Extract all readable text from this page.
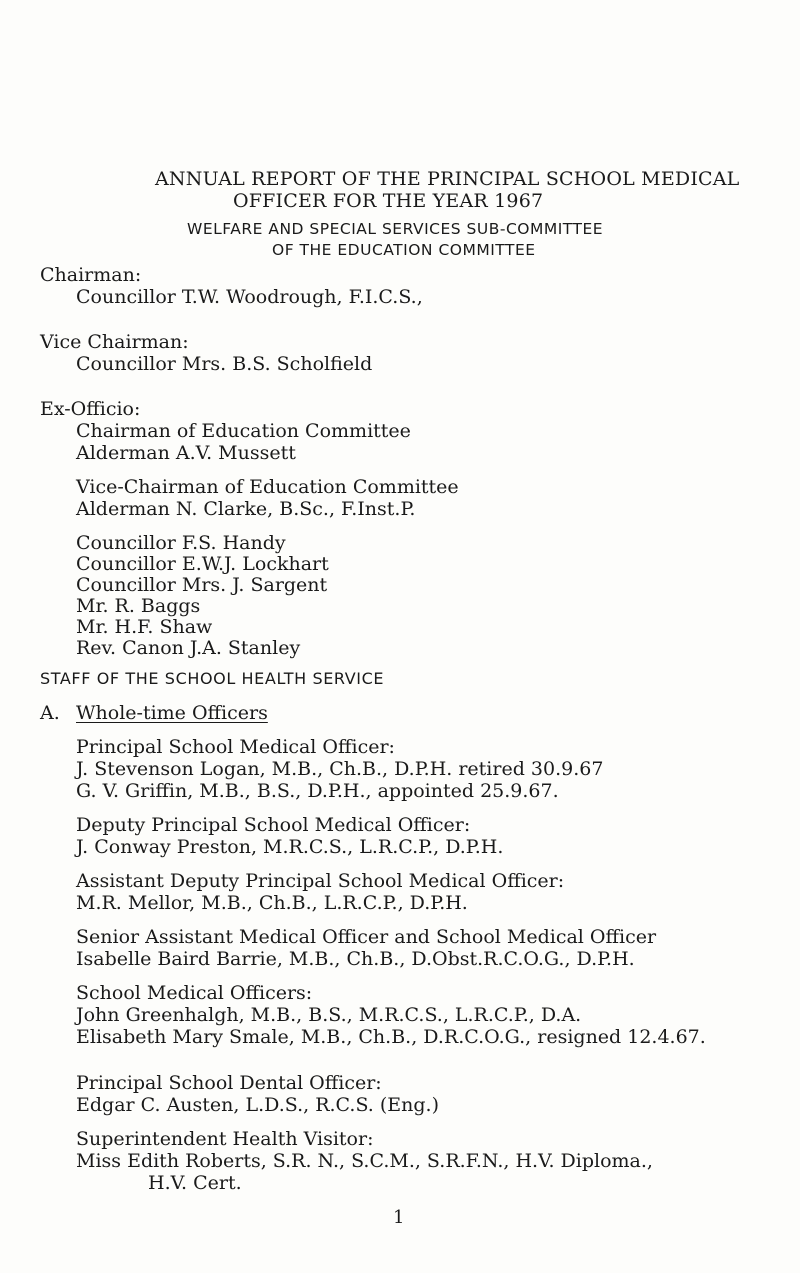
ANNUAL REPORT OF THE PRINCIPAL SCHOOL MEDICAL
OFFICER FOR THE YEAR 1967
WELFARE AND SPECIAL SERVICES SUB-COMMITTEE
OF THE EDUCATION COMMITTEE
Chairman:
Councillor T.W. Woodrough, F.I.C.S.,
Vice Chairman:
Councillor Mrs. B.S. Scholfield
Ex-Officio:
Chairman of Education Committee
Alderman A.V. Mussett
Vice-Chairman of Education Committee
Alderman N. Clarke, B.Sc., F.Inst.P.
Councillor F.S. Handy
Councillor E.W.J. Lockhart
Councillor Mrs. J. Sargent
Mr. R. Baggs
Mr. H.F. Shaw
Rev. Canon J.A. Stanley
STAFF OF THE SCHOOL HEALTH SERVICE
A. Whole-time Officers
Principal School Medical Officer:
J. Stevenson Logan, M.B., Ch.B., D.P.H. retired 30.9.67
G. V. Griffin, M.B., B.S., D.P.H., appointed 25.9.67.
Deputy Principal School Medical Officer:
J. Conway Preston, M.R.C.S., L.R.C.P., D.P.H.
Assistant Deputy Principal School Medical Officer:
M.R. Mellor, M.B., Ch.B., L.R.C.P., D.P.H.
Senior Assistant Medical Officer and School Medical Officer
Isabelle Baird Barrie, M.B., Ch.B., D.Obst.R.C.O.G., D.P.H.
School Medical Officers:
John Greenhalgh, M.B., B.S., M.R.C.S., L.R.C.P., D.A.
Elisabeth Mary Smale, M.B., Ch.B., D.R.C.O.G., resigned 12.4.67.
Principal School Dental Officer:
Edgar C. Austen, L.D.S., R.C.S. (Eng.)
Superintendent Health Visitor:
Miss Edith Roberts, S.R. N., S.C.M., S.R.F.N., H.V. Diploma.,
H.V. Cert.
1
